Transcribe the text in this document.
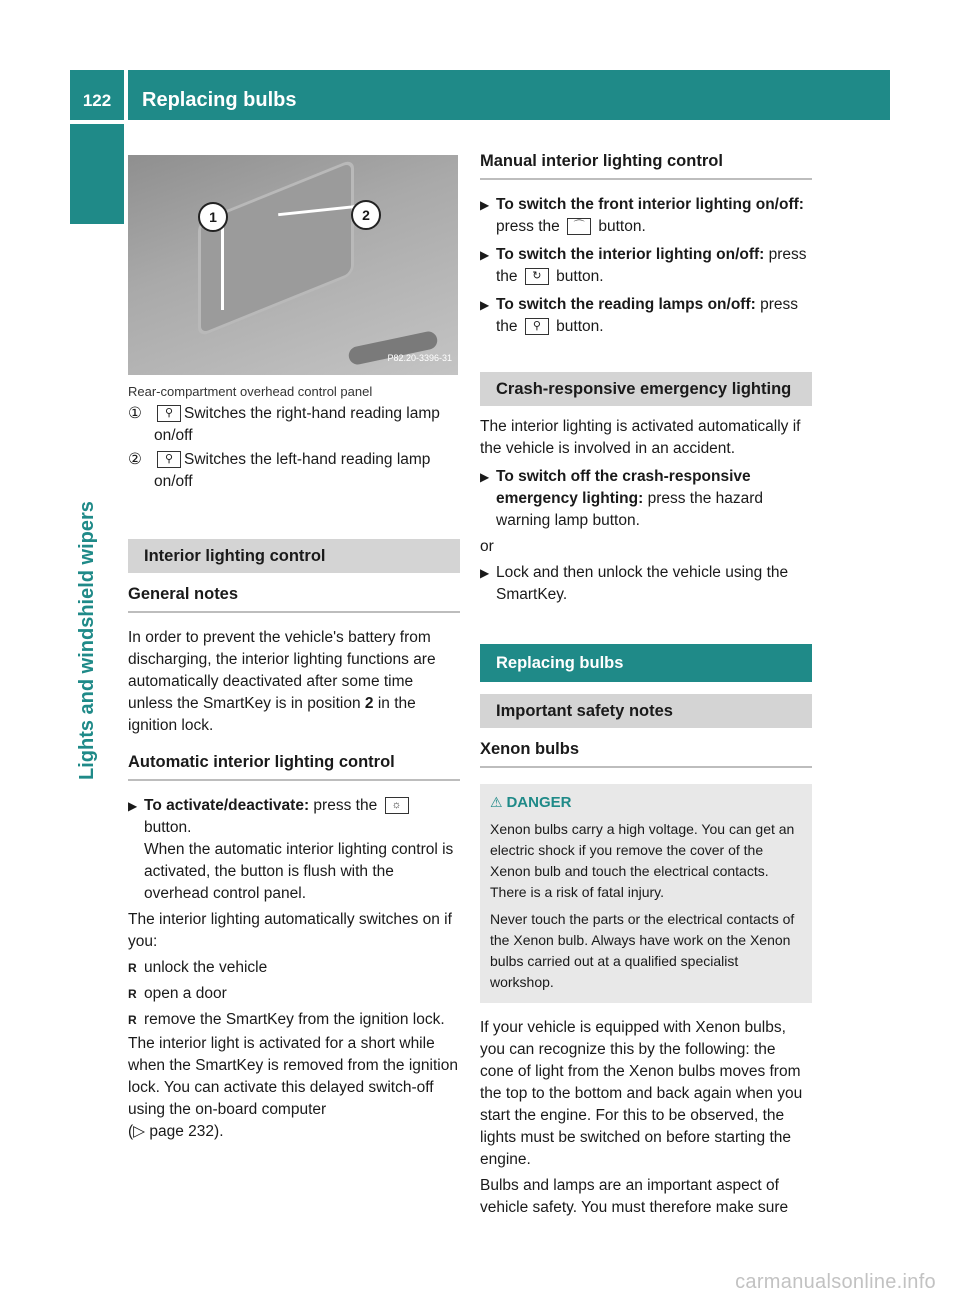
122	Replacing bulbs
Lights and windshield wipers
1	2
P82.20-3396-31
Rear-compartment overhead control panel
①	⚲ Switches the right-hand reading lamp on/off
②	⚲ Switches the left-hand reading lamp on/off
Interior lighting control
General notes

In order to prevent the vehicle's battery from discharging, the interior lighting functions are automatically deactivated after some time unless the SmartKey is in position 2 in the ignition lock.

Automatic interior lighting control
▶ To activate/deactivate: press the ☼ button.
When the automatic interior lighting control is activated, the button is flush with the overhead control panel.

The interior lighting automatically switches on if you:

R unlock the vehicle
R open a door
R remove the SmartKey from the ignition lock.

The interior light is activated for a short while when the SmartKey is removed from the ignition lock. You can activate this delayed switch-off using the on-board computer

(▷ page 232).
Manual interior lighting control
▶ To switch the front interior lighting on/off: press the ⌒ button.
▶ To switch the interior lighting on/off: press the ↻ button.
▶ To switch the reading lamps on/off: press the ⚲ button.
Crash-responsive emergency lighting

The interior lighting is activated automatically if the vehicle is involved in an accident.

▶ To switch off the crash-responsive emergency lighting: press the hazard warning lamp button.
or
▶ Lock and then unlock the vehicle using the SmartKey.
Replacing bulbs
Important safety notes
Xenon bulbs
⚠ DANGER

Xenon bulbs carry a high voltage. You can get an electric shock if you remove the cover of the Xenon bulb and touch the electrical contacts. There is a risk of fatal injury.

Never touch the parts or the electrical contacts of the Xenon bulb. Always have work on the Xenon bulbs carried out at a qualified specialist workshop.

If your vehicle is equipped with Xenon bulbs, you can recognize this by the following: the cone of light from the Xenon bulbs moves from the top to the bottom and back again when you start the engine. For this to be observed, the lights must be switched on before starting the engine.

Bulbs and lamps are an important aspect of vehicle safety. You must therefore make sure

carmanualsonline.info
